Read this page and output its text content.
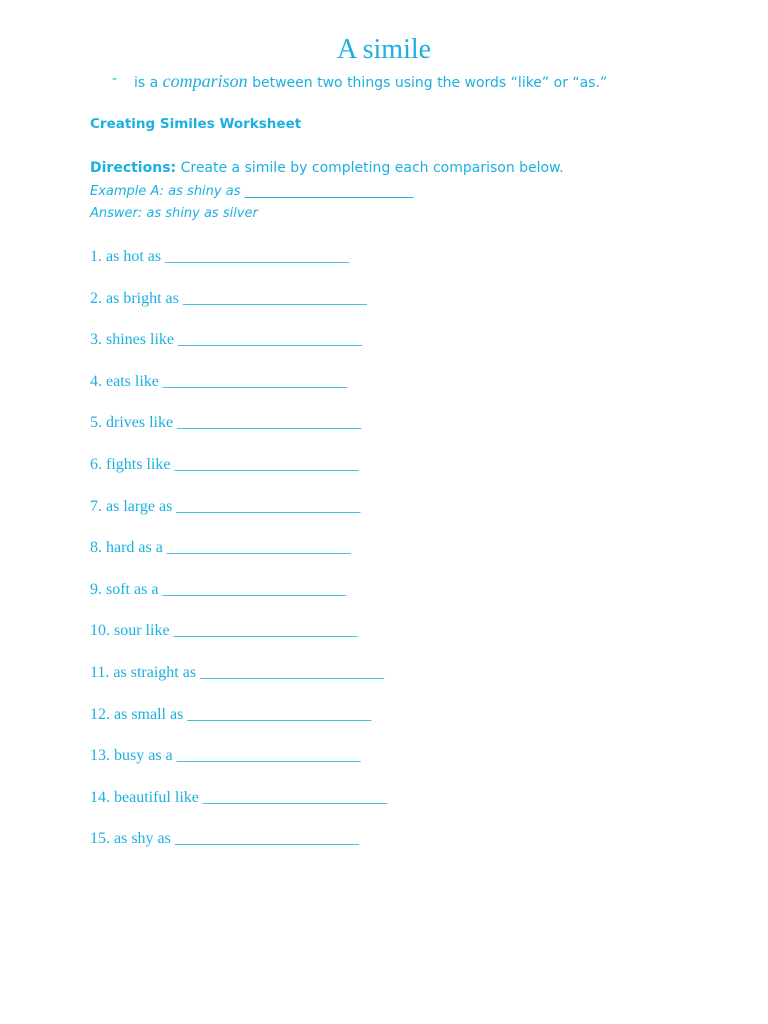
A simile
- is a comparison between two things using the words “like” or “as.”
Creating Similes Worksheet
Directions: Create a simile by completing each comparison below.
Example A: as shiny as __________________________
Answer: as shiny as silver
1. as hot as _______________________
2. as bright as _______________________
3. shines like _______________________
4. eats like _______________________
5. drives like _______________________
6. fights like _______________________
7. as large as _______________________
8. hard as a _______________________
9. soft as a _______________________
10. sour like _______________________
11. as straight as _______________________
12. as small as _______________________
13. busy as a _______________________
14. beautiful like _______________________
15. as shy as _______________________
